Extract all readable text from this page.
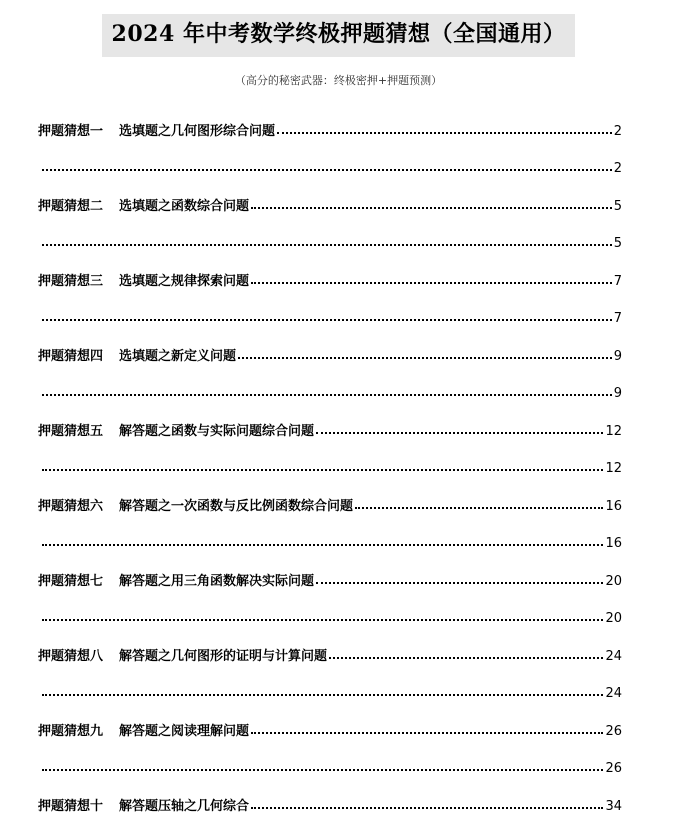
2024 年中考数学终极押题猜想（全国通用）
（高分的秘密武器：终极密押+押题预测）
押题猜想一 选填题之几何图形综合问题	2
2
押题猜想二 选填题之函数综合问题	5
5
押题猜想三 选填题之规律探索问题	7
7
押题猜想四 选填题之新定义问题	9
9
押题猜想五 解答题之函数与实际问题综合问题	12
12
押题猜想六 解答题之一次函数与反比例函数综合问题	16
16
押题猜想七 解答题之用三角函数解决实际问题	20
20
押题猜想八 解答题之几何图形的证明与计算问题	24
24
押题猜想九 解答题之阅读理解问题	26
26
押题猜想十 解答题压轴之几何综合	34
